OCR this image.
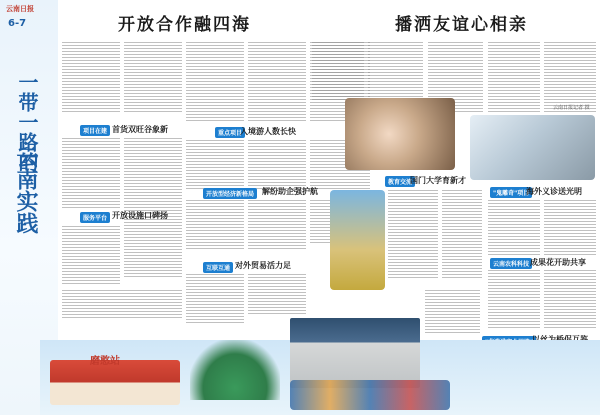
云南日报
6-7
一带一路的
云南实践
开放合作融四海	播洒友谊心相亲
项目在建 首货双旺谷象新	重点项目
入境游人数长快
开放型经济新格局 解纷助企强护航
服务平台 开放设施口碑扬
互联互通 对外贸易活力足
云南日报记者 摄
教育交流
国门大学育新才
"鬼雕奇"项目
海外义诊送光明
云南农科科技 成果花开助共享
磨憨站
